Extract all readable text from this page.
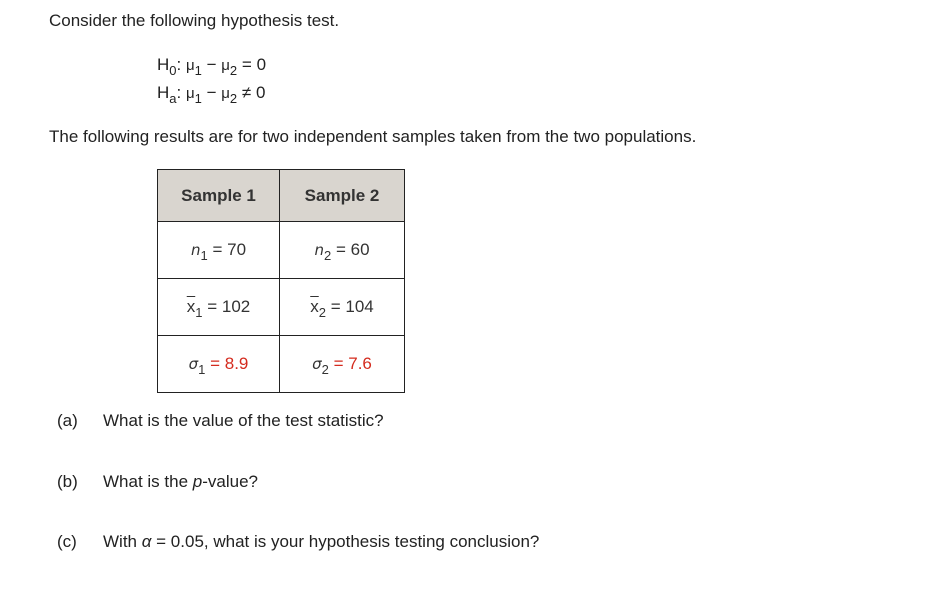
Consider the following hypothesis test.

$H_0$: $\mu_1 - \mu_2 = 0$
$H_a$: $\mu_1 - \mu_2 \ne 0$

The following results are for two independent samples taken from the two populations.

Sample 1	Sample 2
$n_1 = 70$	$n_2 = 60$
$\overline{x}_1 = 102$	$\overline{x}_2 = 104$
$\sigma_1 = 8.9$	$\sigma_2 = 7.6$

(a) What is the value of the test statistic?

(b) What is the p-value?

(c) With α = 0.05, what is your hypothesis testing conclusion?
